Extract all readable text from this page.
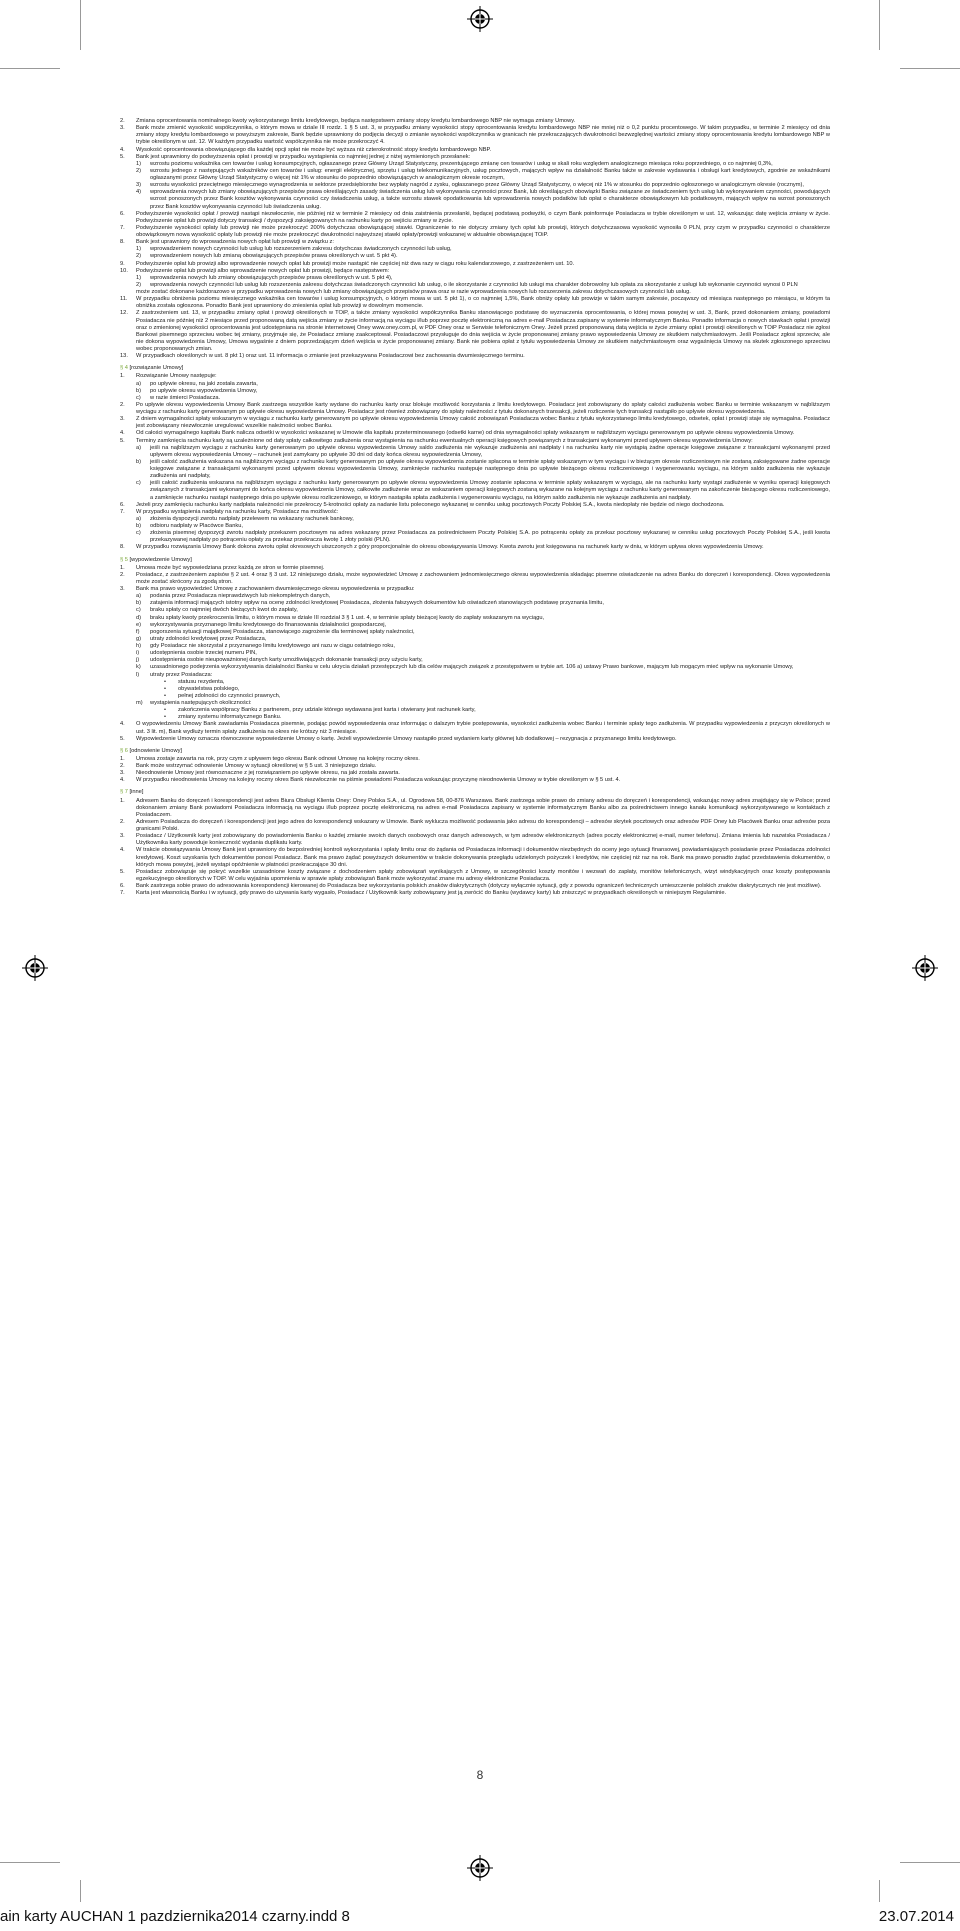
2.	Zmiana oprocentowania nominalnego kwoty wykorzystanego limitu kredytowego, będąca następstwem zmiany stopy kredytu lombardowego NBP nie wymaga zmiany Umowy.
3.	Bank może zmienić wysokość współczynnika, o którym mowa w dziale III rozdz. 1 § 5 ust. 3, w przypadku zmiany wysokości stopy oprocentowania kredytu lombardowego NBP nie mniej niż o 0,2 punktu procentowego. W takim przypadku, w terminie 2 miesięcy od dnia zmiany stopy kredytu lombardowego w powyższym zakresie, Bank będzie uprawniony do podjęcia decyzji o zmianie wysokości współczynnika w granicach nie przekraczających dwukrotności bezwzględnej wartości zmiany stopy oprocentowania kredytu lombardowego NBP w trybie określonym w ust. 12. W każdym przypadku wartość współczynnika nie może przekroczyć 4.
4.	Wysokość oprocentowania obowiązującego dla każdej opcji spłat nie może być wyższa niż czterokrotność stopy kredytu lombardowego NBP.
5.	Bank jest uprawniony do podwyższenia opłat i prowizji w przypadku wystąpienia co najmniej jednej z niżej wymienionych przesłanek:
1)	wzrostu poziomu wskaźnika cen towarów i usług konsumpcyjnych, ogłaszanego przez Główny Urząd Statystyczny, prezentującego zmianę cen towarów i usług w skali roku względem analogicznego miesiąca roku poprzedniego, o co najmniej 0,3%,
2)	wzrostu jednego z następujących wskaźników cen towarów i usług: energii elektrycznej, sprzętu i usług telekomunikacyjnych, usług pocztowych, mających wpływ na działalność Banku także w zakresie wydawania i obsługi kart kredytowych, zgodnie ze wskaźnikami ogłaszanymi przez Główny Urząd Statystyczny o więcej niż 1% w stosunku do poprzednio obowiązujących w analogicznym okresie rocznym,
3)	wzrostu wysokości przeciętnego miesięcznego wynagrodzenia w sektorze przedsiębiorstw bez wypłaty nagród z zysku, ogłaszanego przez Główny Urząd Statystyczny, o więcej niż 1% w stosunku do poprzednio ogłoszonego w analogicznym okresie (rocznym),
4)	wprowadzenia nowych lub zmiany obowiązujących przepisów prawa określających zasady świadczenia usług lub wykonywania czynności przez Bank, lub określających obowiązki Banku związane ze świadczeniem tych usług lub wykonywaniem czynności, powodujących wzrost ponoszonych przez Bank kosztów wykonywania czynności czy świadczenia usług, a także wzrostu stawek opodatkowania lub wprowadzenia nowych podatków lub opłat o charakterze obowiązkowym lub podatkowym, mających wpływ na wzrost ponoszonych przez Bank kosztów wykonywania czynności lub świadczenia usług.
6.	Podwyższenie wysokości opłat / prowizji nastąpi niezwłocznie, nie później niż w terminie 2 miesięcy od dnia zaistnienia przesłanki, będącej podstawą podwyżki, o czym Bank poinformuje Posiadacza w trybie określonym w ust. 12, wskazując datę wejścia zmiany w życie. Podwyższenie opłat lub prowizji dotyczy transakcji / dyspozycji zaksięgowanych na rachunku karty po wejściu zmiany w życie.
7.	Podwyższenie wysokości opłaty lub prowizji nie może przekroczyć 200% dotychczas obowiązującej stawki. Ograniczenie to nie dotyczy zmiany tych opłat lub prowizji, których dotychczasowa wysokość wynosiła 0 PLN, przy czym w przypadku czynności o charakterze obowiązkowym nowa wysokość opłaty lub prowizji nie może przekroczyć dwukrotności najwyższej stawki opłaty/prowizji wskazanej w aktualnie obowiązującej TOiP.
8.	Bank jest uprawniony do wprowadzenia nowych opłat lub prowizji w związku z:
1)	wprowadzeniem nowych czynności lub usług lub rozszerzeniem zakresu dotychczas świadczonych czynności lub usług,
2)	wprowadzeniem nowych lub zmianą obowiązujących przepisów prawa określonych w ust. 5 pkt 4).
9.	Podwyższenie opłat lub prowizji albo wprowadzenie nowych opłat lub prowizji może nastąpić nie częściej niż dwa razy w ciągu roku kalendarzowego, z zastrzeżeniem ust. 10.
10.	Podwyższenie opłat lub prowizji albo wprowadzenie nowych opłat lub prowizji, będące następstwem:
1)	wprowadzenia nowych lub zmiany obowiązujących przepisów prawa określonych w ust. 5 pkt 4),
2)	wprowadzenia nowych czynności lub usług lub rozszerzenia zakresu dotychczas świadczonych czynności lub usług, o ile skorzystanie z czynności lub usługi ma charakter dobrowolny lub opłata za skorzystanie z usługi lub wykonanie czynności wynosi 0 PLN
może zostać dokonane każdorazowo w przypadku wprowadzenia nowych lub zmiany obowiązujących przepisów prawa oraz w razie wprowadzenia nowych lub rozszerzenia zakresu dotychczasowych czynności lub usług.
11.	W przypadku obniżenia poziomu miesięcznego wskaźnika cen towarów i usług konsumpcyjnych, o którym mowa w ust. 5 pkt 1), o co najmniej 1,5%, Bank obniży opłaty lub prowizje w takim samym zakresie, począwszy od miesiąca następnego po miesiącu, w którym ta obniżka została ogłoszona. Ponadto Bank jest uprawniony do zniesienia opłat lub prowizji w dowolnym momencie.
12.	Z zastrzeżeniem ust. 13, w przypadku zmiany opłat i prowizji określonych w TOiP, a także zmiany wysokości współczynnika Banku stanowiącego podstawę do wyznaczenia oprocentowania, o której mowa powyżej w ust. 3, Bank, przed dokonaniem zmiany, powiadomi Posiadacza nie później niż 2 miesiące przed proponowaną datą wejścia zmiany w życie informacją na wyciągu i/lub poprzez pocztę elektroniczną na adres e-mail Posiadacza zapisany w systemie informatycznym Banku. Ponadto informacja o nowych stawkach opłat i prowizji oraz o zmienionej wysokości oprocentowania jest udostępniana na stronie internetowej Oney www.oney.com.pl, w PDF Oney oraz w Serwisie telefonicznym Oney. Jeżeli przed proponowaną datą wejścia w życie zmiany opłat i prowizji określonych w TOiP Posiadacz nie zgłosi Bankowi pisemnego sprzeciwu wobec tej zmiany, przyjmuje się, że Posiadacz zmianę zaakceptował. Posiadaczowi przysługuje do dnia wejścia w życie proponowanej zmiany prawo wypowiedzenia Umowy ze skutkiem natychmiastowym. Jeśli Posiadacz zgłosi sprzeciw, ale nie dokona wypowiedzenia Umowy, Umowa wygaśnie z dniem poprzedzającym dzień wejścia w życie proponowanej zmiany. Bank nie pobiera opłat z tytułu wypowiedzenia Umowy ze skutkiem natychmiastowym oraz wygaśnięcia Umowy na skutek zgłoszonego sprzeciwu wobec proponowanych zmian.
13.	W przypadkach określonych w ust. 8 pkt 1) oraz ust. 11 informacja o zmianie jest przekazywana Posiadaczowi bez zachowania dwumiesięcznego terminu.
§ 4 [rozwiązanie Umowy]
1.	Rozwiązanie Umowy następuje:
a)	po upływie okresu, na jaki została zawarta,
b)	po upływie okresu wypowiedzenia Umowy,
c)	w razie śmierci Posiadacza.
2.	Po upływie okresu wypowiedzenia Umowy Bank zastrzega wszystkie karty wydane do rachunku karty oraz blokuje możliwość korzystania z limitu kredytowego. Posiadacz jest zobowiązany do spłaty całości zadłużenia wobec Banku w terminie wskazanym w najbliższym wyciągu z rachunku karty generowanym po upływie okresu wypowiedzenia Umowy. Posiadacz jest również zobowiązany do spłaty należności z tytułu dokonanych transakcji, jeżeli rozliczenie tych transakcji nastąpiło po upływie okresu wypowiedzenia.
3.	Z dniem wymagalności spłaty wskazanym w wyciągu z rachunku karty generowanym po upływie okresu wypowiedzenia Umowy całość zobowiązań Posiadacza wobec Banku z tytułu wykorzystanego limitu kredytowego, odsetek, opłat i prowizji staje się wymagalna. Posiadacz jest zobowiązany niezwłocznie uregulować wszelkie należności wobec Banku.
4.	Od całości wymagalnego kapitału Bank nalicza odsetki w wysokości wskazanej w Umowie dla kapitału przeterminowanego (odsetki karne) od dnia wymagalności spłaty wskazanym w najbliższym wyciągu generowanym po upływie okresu wypowiedzenia Umowy.
5.	Terminy zamknięcia rachunku karty są uzależnione od daty spłaty całkowitego zadłużenia oraz wystąpienia na rachunku ewentualnych operacji księgowych powiązanych z transakcjami wykonanymi przed upływem okresu wypowiedzenia Umowy:
a)	jeśli na najbliższym wyciągu z rachunku karty generowanym po upływie okresu wypowiedzenia Umowy saldo zadłużenia nie wykazuje zadłużenia ani nadpłaty i na rachunku karty nie wystąpią żadne operacje księgowe związane z transakcjami wykonanymi przed upływem okresu wypowiedzenia Umowy – rachunek jest zamykany po upływie 30 dni od daty końca okresu wypowiedzenia Umowy,
b)	jeśli całość zadłużenia wskazana na najbliższym wyciągu z rachunku karty generowanym po upływie okresu wypowiedzenia zostanie spłacona w terminie spłaty wskazanym w tym wyciągu i w bieżącym okresie rozliczeniowym nie zostaną zaksięgowane żadne operacje księgowe związane z transakcjami wykonanymi przed upływem okresu wypowiedzenia Umowy, zamknięcie rachunku następuje następnego dnia po upływie bieżącego okresu rozliczeniowego i wygenerowaniu wyciągu, na którym saldo zadłużenia nie wykazuje zadłużenia ani nadpłaty,
c)	jeśli całość zadłużenia wskazana na najbliższym wyciągu z rachunku karty generowanym po upływie okresu wypowiedzenia Umowy zostanie spłacona w terminie spłaty wskazanym w wyciągu, ale na rachunku karty wystąpi zadłużenie w wyniku operacji księgowych związanych z transakcjami wykonanymi do końca okresu wypowiedzenia Umowy, całkowite zadłużenie wraz ze wskazaniem operacji księgowych zostaną wykazane na kolejnym wyciągu z rachunku karty generowanym na zakończenie bieżącego okresu rozliczeniowego, a zamknięcie rachunku nastąpi następnego dnia po upływie okresu rozliczeniowego, w którym nastąpiła spłata zadłużenia i wygenerowaniu wyciągu, na którym saldo zadłużenia nie wykazuje zadłużenia ani nadpłaty.
6.	Jeżeli przy zamknięciu rachunku karty nadpłata należności nie przekroczy 5-krotności opłaty za nadanie listu poleconego wykazanej w cenniku usług pocztowych Poczty Polskiej S.A., kwota niedopłaty nie będzie od niego dochodzona.
7.	W przypadku wystąpienia nadpłaty na rachunku karty, Posiadacz ma możliwość:
a)	złożenia dyspozycji zwrotu nadpłaty przelewem na wskazany rachunek bankowy,
b)	odbioru nadpłaty w Placówce Banku,
c)	złożenia pisemnej dyspozycji zwrotu nadpłaty przekazem pocztowym na adres wskazany przez Posiadacza za pośrednictwem Poczty Polskiej S.A. po potrąceniu opłaty za przekaz pocztowy wykazanej w cenniku usług pocztowych Poczty Polskiej S.A., jeśli kwota przekazywanej nadpłaty po potrąceniu opłaty za przekaz przekracza kwotę 1 złoty polski (PLN).
8.	W przypadku rozwiązania Umowy Bank dokona zwrotu opłat okresowych uiszczonych z góry proporcjonalnie do okresu obowiązywania Umowy. Kwota zwrotu jest księgowana na rachunek karty w dniu, w którym upływa okres wypowiedzenia Umowy.
§ 5 [wypowiedzenie Umowy]
1.	Umowa może być wypowiedziana przez każdą ze stron w formie pisemnej.
2.	Posiadacz, z zastrzeżeniem zapisów § 2 ust. 4 oraz § 3 ust. 12 niniejszego działu, może wypowiedzieć Umowę z zachowaniem jednomiesięcznego okresu wypowiedzenia składając pisemne oświadczenie na adres Banku do doręczeń i korespondencji. Okres wypowiedzenia może zostać skrócony za zgodą stron.
3.	Bank ma prawo wypowiedzieć Umowę z zachowaniem dwumiesięcznego okresu wypowiedzenia w przypadku:
a)	podania przez Posiadacza nieprawdziwych lub niekompletnych danych,
b)	zatajenia informacji mających istotny wpływ na ocenę zdolności kredytowej Posiadacza, złożenia fałszywych dokumentów lub oświadczeń stanowiących podstawę przyznania limitu,
c)	braku spłaty co najmniej dwóch bieżących kwot do zapłaty,
d)	braku spłaty kwoty przekroczenia limitu, o którym mowa w dziale III rozdział 3 § 1 ust. 4, w terminie spłaty bieżącej kwoty do zapłaty wskazanym na wyciągu,
e)	wykorzystywania przyznanego limitu kredytowego do finansowania działalności gospodarczej,
f)	pogorszenia sytuacji majątkowej Posiadacza, stanowiącego zagrożenie dla terminowej spłaty należności,
g)	utraty zdolności kredytowej przez Posiadacza,
h)	gdy Posiadacz nie skorzystał z przyznanego limitu kredytowego ani razu w ciągu ostatniego roku,
i)	udostępnienia osobie trzeciej numeru PIN,
j)	udostępnienia osobie nieupoważnionej danych karty umożliwiających dokonanie transakcji przy użyciu karty,
k)	uzasadnionego podejrzenia wykorzystywania działalności Banku w celu ukrycia działań przestępczych lub dla celów mających związek z przestępstwem w trybie art. 106 a) ustawy Prawo bankowe, mającym lub mogącym mieć wpływ na wykonanie Umowy,
l)	utraty przez Posiadacza:
•	statusu rezydenta,
•	obywatelstwa polskiego,
•	pełnej zdolności do czynności prawnych,
m)	wystąpienia następujących okoliczności:
•	zakończenia współpracy Banku z partnerem, przy udziale którego wydawana jest karta i otwierany jest rachunek karty,
•	zmiany systemu informatycznego Banku.
4.	O wypowiedzeniu Umowy Bank zawiadamia Posiadacza pisemnie, podając powód wypowiedzenia oraz informując o dalszym trybie postępowania, wysokości zadłużenia wobec Banku i terminie spłaty tego zadłużenia. W przypadku wypowiedzenia z przyczyn określonych w ust. 3 lit. m), Bank wydłuży termin spłaty zadłużenia na okres nie krótszy niż 3 miesiące.
5.	Wypowiedzenie Umowy oznacza równoczesne wypowiedzenie Umowy o kartę. Jeżeli wypowiedzenie Umowy nastąpiło przed wydaniem karty głównej lub dodatkowej – rezygnacja z przyznanego limitu kredytowego.
§ 6 [odnowienie Umowy]
1.	Umowa zostaje zawarta na rok, przy czym z upływem tego okresu Bank odnowi Umowę na kolejny roczny okres.
2.	Bank może wstrzymać odnowienie Umowy w sytuacji określonej w § 5 ust. 3 niniejszego działu.
3.	Nieodnowienie Umowy jest równoznaczne z jej rozwiązaniem po upływie okresu, na jaki została zawarta.
4.	W przypadku nieodnowienia Umowy na kolejny roczny okres Bank niezwłocznie na piśmie powiadomi Posiadacza wskazując przyczynę nieodnowienia Umowy w trybie określonym w § 5 ust. 4.
§ 7 [inne]
1.	Adresem Banku do doręczeń i korespondencji jest adres Biura Obsługi Klienta Oney: Oney Polska S.A., ul. Ogrodowa 58, 00-876 Warszawa. Bank zastrzega sobie prawo do zmiany adresu do doręczeń i korespondencji, wskazując nowy adres znajdujący się w Polsce; przed dokonaniem zmiany Bank powiadomi Posiadacza informacją na wyciągu i/lub poprzez pocztę elektroniczną na adres e-mail Posiadacza zapisany w systemie informatycznym Banku albo za pośrednictwem innego kanału komunikacji wykorzystywanego w kontaktach z Posiadaczem.
2.	Adresem Posiadacza do doręczeń i korespondencji jest jego adres do korespondencji wskazany w Umowie. Bank wyklucza możliwość podawania jako adresu do korespondencji – adresów skrytek pocztowych oraz adresów PDF Oney lub Placówek Banku oraz adresów poza granicami Polski.
3.	Posiadacz / Użytkownik karty jest zobowiązany do powiadomienia Banku o każdej zmianie swoich danych osobowych oraz danych adresowych, w tym adresów elektronicznych (adres poczty elektronicznej e-mail, numer telefonu). Zmiana imienia lub nazwiska Posiadacza / Użytkownika karty powoduje konieczność wydania duplikatu karty.
4.	W trakcie obowiązywania Umowy Bank jest uprawniony do bezpośredniej kontroli wykorzystania i spłaty limitu oraz do żądania od Posiadacza informacji i dokumentów niezbędnych do oceny jego sytuacji finansowej, powiadamiających posiadanie przez Posiadacza zdolności kredytowej. Koszt uzyskania tych dokumentów ponosi Posiadacz. Bank ma prawo żądać powyższych dokumentów w trakcie dokonywania przeglądu udzielonych pożyczek i kredytów, nie częściej niż raz na rok. Bank ma prawo ponadto żądać przedstawienia dokumentów, o których mowa powyżej, jeżeli wystąpi opóźnienie w płatności przekraczające 30 dni.
5.	Posiadacz zobowiązuje się pokryć wszelkie uzasadnione koszty związane z dochodzeniem spłaty zobowiązań wynikających z Umowy, w szczególności koszty monitów i wezwań do zapłaty, monitów telefonicznych, wizyt windykacyjnych oraz koszty postępowania egzekucyjnego określonych w TOiP. W celu wyjaśnia upomnienia w sprawie spłaty zobowiązań Bank może wykorzystać znane mu adresy elektroniczne Posiadacza.
6.	Bank zastrzega sobie prawo do adresowania korespondencji kierowanej do Posiadacza bez wykorzystania polskich znaków diakrytycznych (dotyczy wyłącznie sytuacji, gdy z powodu ograniczeń technicznych umieszczenie polskich znaków diakrytycznych nie jest możliwe).
7.	Karta jest własnością Banku i w sytuacji, gdy prawo do używania karty wygasło, Posiadacz / Użytkownik karty zobowiązany jest ją zwrócić do Banku (wydawcy karty) lub zniszczyć w przypadkach określonych w niniejszym Regulaminie.
8
ain karty AUCHAN 1 pazdziernika2014 czarny.indd 8	23.07.2014
